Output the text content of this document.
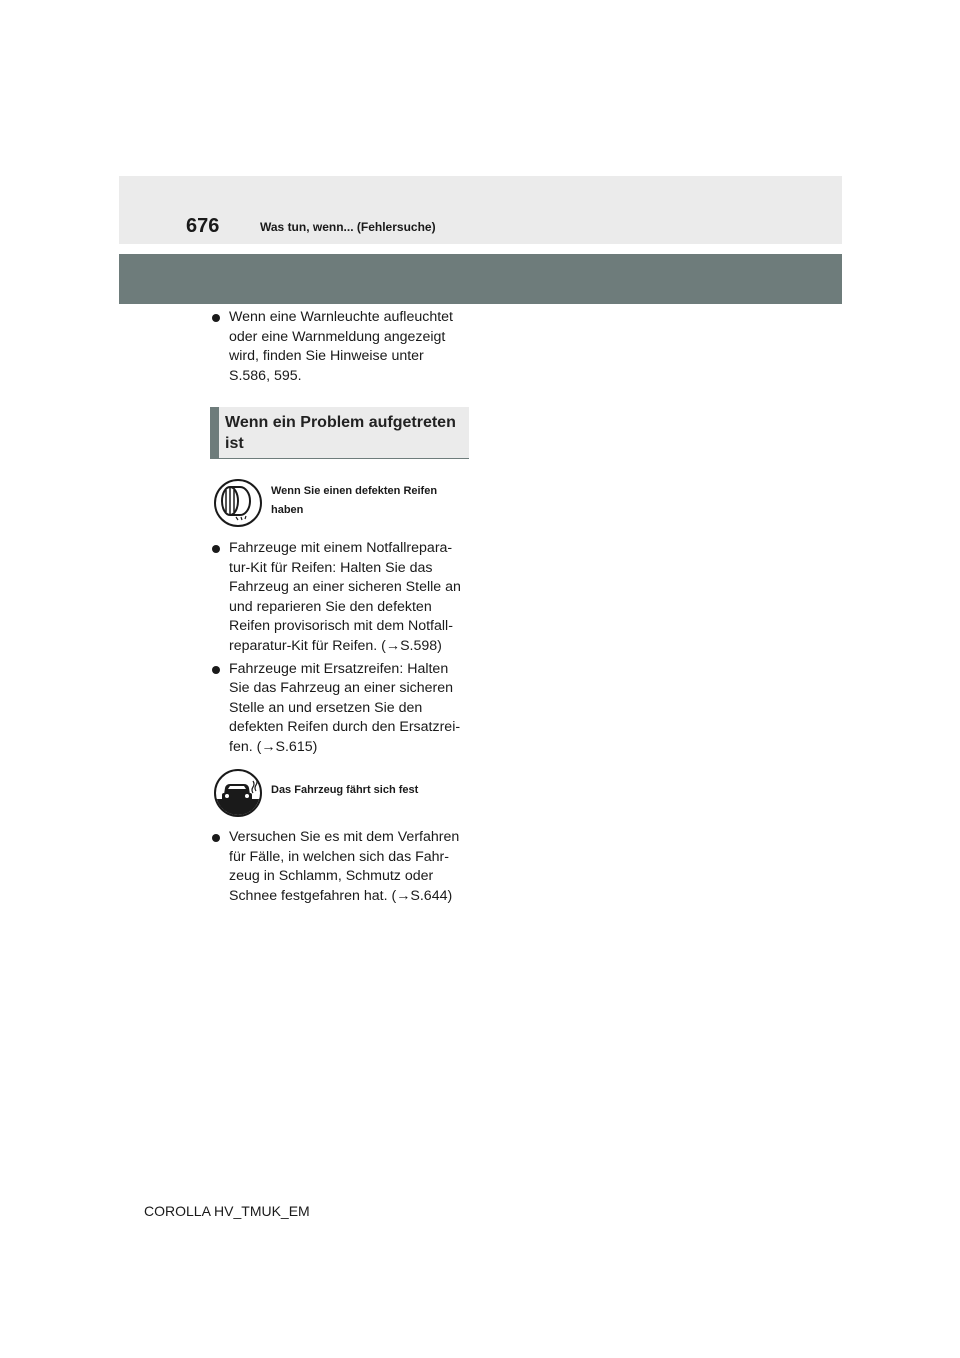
676	Was tun, wenn... (Fehlersuche)

Wenn eine Warnleuchte aufleuchtet
oder eine Warnmeldung angezeigt
wird, finden Sie Hinweise unter
S.586, 595.

Wenn ein Problem aufgetreten ist
Wenn Sie einen defekten Reifen
haben

Fahrzeuge mit einem Notfallrepara-
tur-Kit für Reifen: Halten Sie das
Fahrzeug an einer sicheren Stelle an
und reparieren Sie den defekten
Reifen provisorisch mit dem Notfall-
reparatur-Kit für Reifen. (→S.598)

Fahrzeuge mit Ersatzreifen: Halten
Sie das Fahrzeug an einer sicheren
Stelle an und ersetzen Sie den
defekten Reifen durch den Ersatzrei-
fen. (→S.615)

Das Fahrzeug fährt sich fest

Versuchen Sie es mit dem Verfahren
für Fälle, in welchen sich das Fahr-
zeug in Schlamm, Schmutz oder
Schnee festgefahren hat. (→S.644)

COROLLA HV_TMUK_EM
